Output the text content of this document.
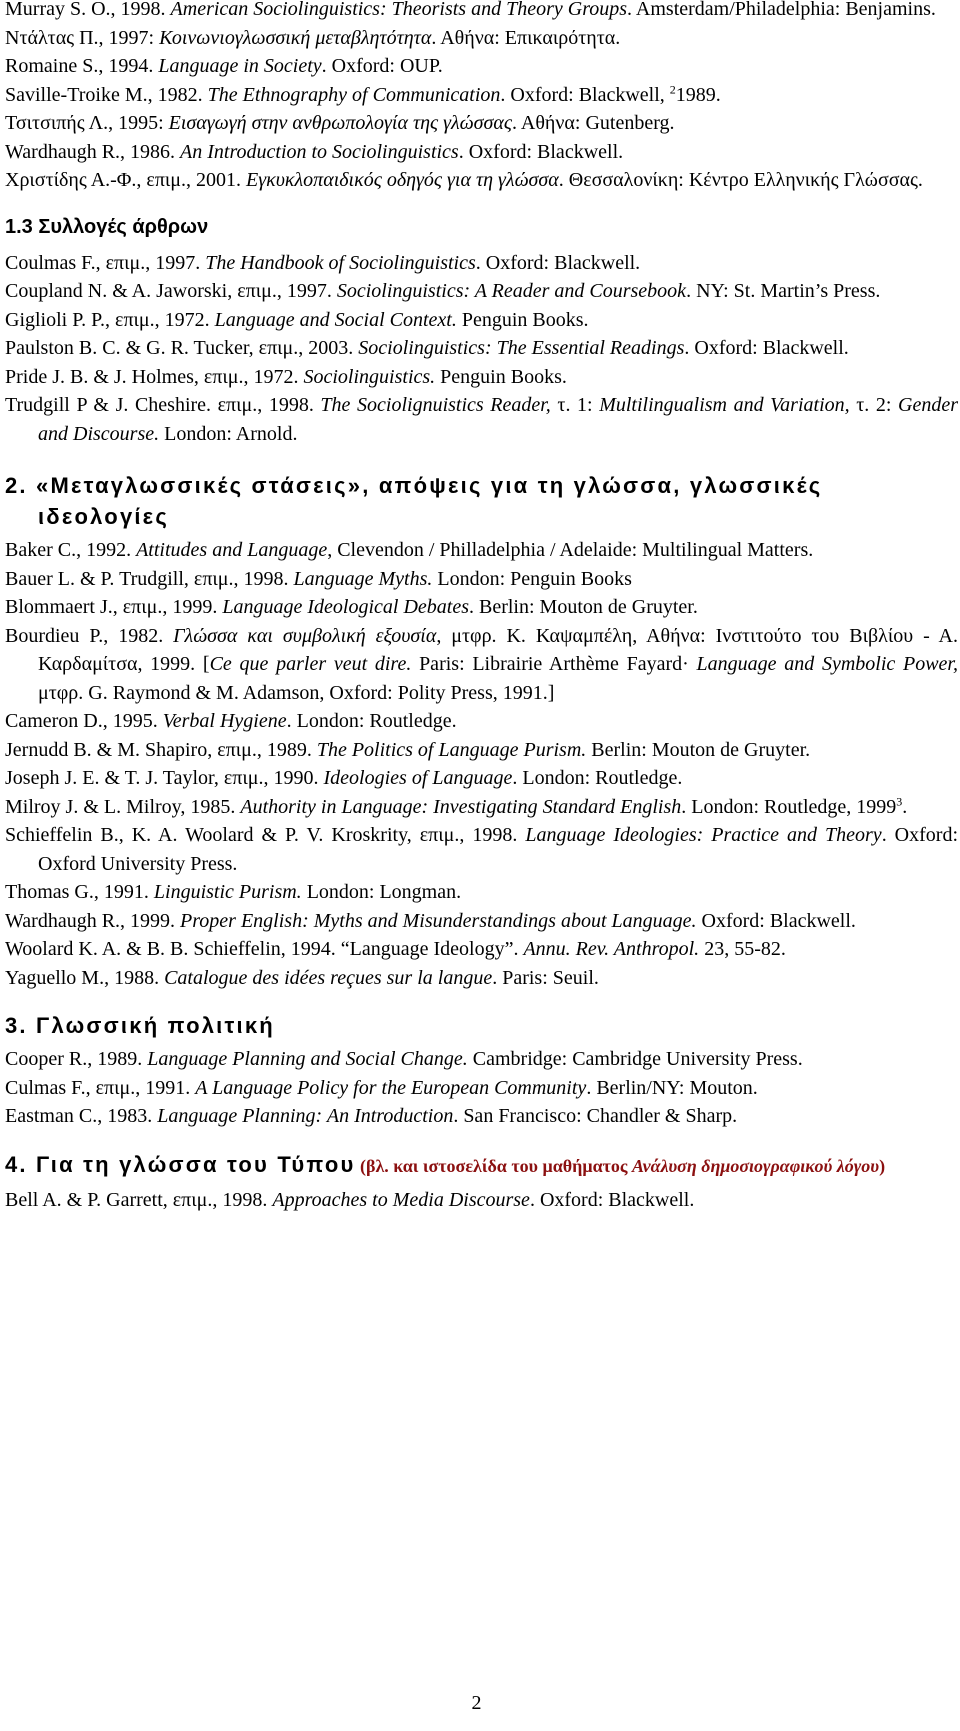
Murray S. O., 1998. American Sociolinguistics: Theorists and Theory Groups. Amsterdam/Philadelphia: Benjamins.

Ντάλτας Π., 1997: Κοινωνιογλωσσική μεταβλητότητα. Αθήνα: Επικαιρότητα.

Romaine S., 1994. Language in Society. Oxford: OUP.

Saville-Troike M., 1982. The Ethnography of Communication. Oxford: Blackwell, $^2$1989.

Τσιτσιπής Λ., 1995: Εισαγωγή στην ανθρωπολογία της γλώσσας. Αθήνα: Gutenberg.

Wardhaugh R., 1986. An Introduction to Sociolinguistics. Oxford: Blackwell.

Χριστίδης Α.-Φ., επιμ., 2001. Εγκυκλοπαιδικός οδηγός για τη γλώσσα. Θεσσαλονίκη: Κέντρο Ελληνικής Γλώσσας.

1.3 Συλλογές άρθρων

Coulmas F., επιμ., 1997. The Handbook of Sociolinguistics. Oxford: Blackwell.

Coupland N. & A. Jaworski, επιμ., 1997. Sociolinguistics: A Reader and Coursebook. NY: St. Martin’s Press.

Giglioli P. P., επιμ., 1972. Language and Social Context. Penguin Books.

Paulston B. C. & G. R. Tucker, επιμ., 2003. Sociolinguistics: The Essential Readings. Oxford: Blackwell.

Pride J. B. & J. Holmes, επιμ., 1972. Sociolinguistics. Penguin Books.

Trudgill P & J. Cheshire. επιμ., 1998. The Sociolignuistics Reader, τ. 1: Multilingualism and Variation, τ. 2: Gender and Discourse. London: Arnold.

2. «Μεταγλωσσικές στάσεις», απόψεις για τη γλώσσα, γλωσσικές ιδεολογίες

Baker C., 1992. Attitudes and Language, Clevendon / Philladelphia / Adelaide: Multilingual Matters.

Bauer L. & P. Trudgill, επιμ., 1998. Language Myths. London: Penguin Books

Blommaert J., επιμ., 1999. Language Ideological Debates. Berlin: Mouton de Gruyter.

Bourdieu P., 1982. Γλώσσα και συμβολική εξουσία, μτφρ. Κ. Καψαμπέλη, Αθήνα: Ινστιτούτο του Βιβλίου - Α. Καρδαμίτσα, 1999. [Ce que parler veut dire. Paris: Librairie Arthème Fayard· Language and Symbolic Power, μτφρ. G. Raymond & M. Adamson, Oxford: Polity Press, 1991.]

Cameron D., 1995. Verbal Hygiene. London: Routledge.

Jernudd B. & M. Shapiro, επιμ., 1989. The Politics of Language Purism. Berlin: Mouton de Gruyter.

Joseph J. E. & T. J. Taylor, επιμ., 1990. Ideologies of Language. London: Routledge.

Milroy J. & L. Milroy, 1985. Authority in Language: Investigating Standard English. London: Routledge, 1999$^3$.

Schieffelin B., K. A. Woolard & P. V. Kroskrity, επιμ., 1998. Language Ideologies: Practice and Theory. Oxford: Oxford University Press.

Thomas G., 1991. Linguistic Purism. London: Longman.

Wardhaugh R., 1999. Proper English: Myths and Misunderstandings about Language. Oxford: Blackwell.

Woolard K. A. & B. B. Schieffelin, 1994. “Language Ideology”. Annu. Rev. Anthropol. 23, 55-82.

Yaguello M., 1988. Catalogue des idées reçues sur la langue. Paris: Seuil.

3. Γλωσσική πολιτική

Cooper R., 1989. Language Planning and Social Change. Cambridge: Cambridge University Press.

Culmas F., επιμ., 1991. A Language Policy for the European Community. Berlin/NY: Mouton.

Eastman C., 1983. Language Planning: An Introduction. San Francisco: Chandler & Sharp.

4. Για τη γλώσσα του Τύπου (βλ. και ιστοσελίδα του μαθήματος Ανάλυση δημοσιογραφικού λόγου)

Bell A. & P. Garrett, επιμ., 1998. Approaches to Media Discourse. Oxford: Blackwell.

2
